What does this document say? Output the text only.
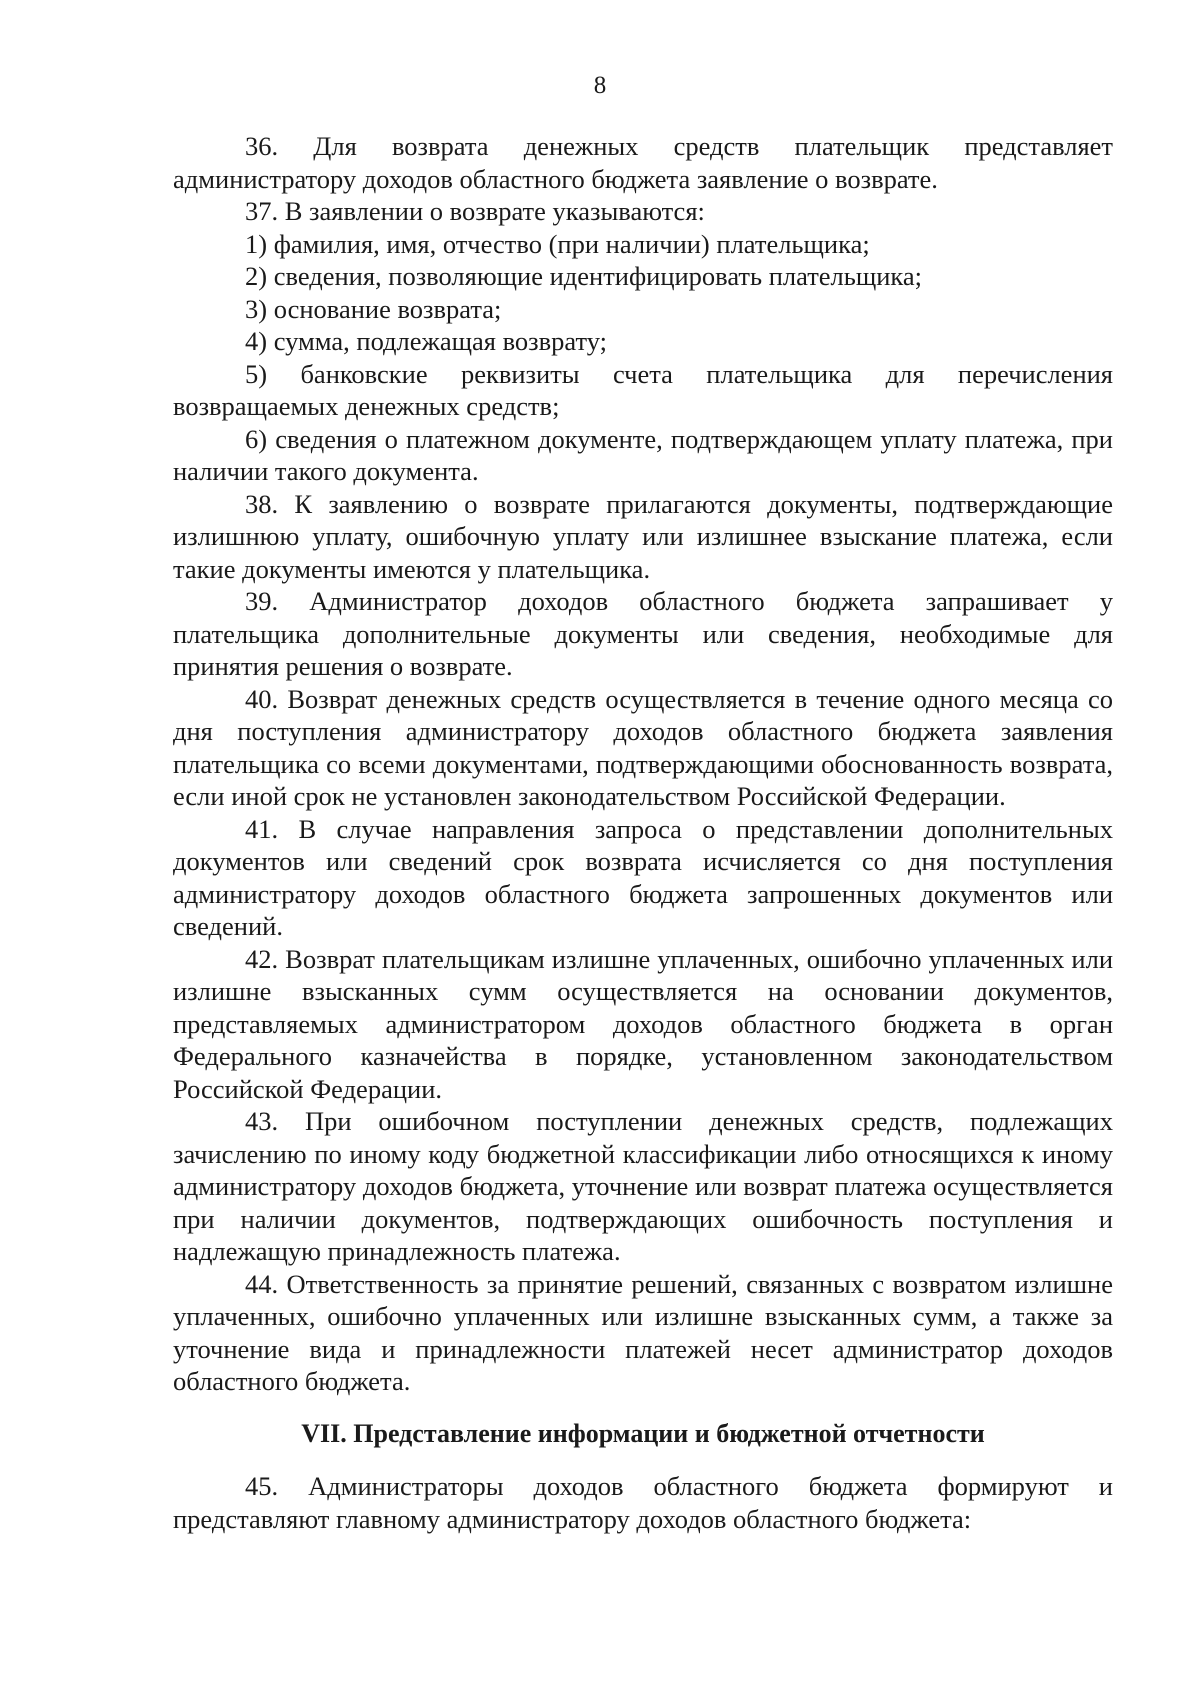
8

36. Для возврата денежных средств плательщик представляет администратору доходов областного бюджета заявление о возврате.

37. В заявлении о возврате указываются:

1) фамилия, имя, отчество (при наличии) плательщика;

2) сведения, позволяющие идентифицировать плательщика;

3) основание возврата;

4) сумма, подлежащая возврату;

5) банковские реквизиты счета плательщика для перечисления возвращаемых денежных средств;

6) сведения о платежном документе, подтверждающем уплату платежа, при наличии такого документа.

38. К заявлению о возврате прилагаются документы, подтверждающие излишнюю уплату, ошибочную уплату или излишнее взыскание платежа, если такие документы имеются у плательщика.

39. Администратор доходов областного бюджета запрашивает у плательщика дополнительные документы или сведения, необходимые для принятия решения о возврате.

40. Возврат денежных средств осуществляется в течение одного месяца со дня поступления администратору доходов областного бюджета заявления плательщика со всеми документами, подтверждающими обоснованность возврата, если иной срок не установлен законодательством Российской Федерации.

41. В случае направления запроса о представлении дополнительных документов или сведений срок возврата исчисляется со дня поступления администратору доходов областного бюджета запрошенных документов или сведений.

42. Возврат плательщикам излишне уплаченных, ошибочно уплаченных или излишне взысканных сумм осуществляется на основании документов, представляемых администратором доходов областного бюджета в орган Федерального казначейства в порядке, установленном законодательством Российской Федерации.

43. При ошибочном поступлении денежных средств, подлежащих зачислению по иному коду бюджетной классификации либо относящихся к иному администратору доходов бюджета, уточнение или возврат платежа осуществляется при наличии документов, подтверждающих ошибочность поступления и надлежащую принадлежность платежа.

44. Ответственность за принятие решений, связанных с возвратом излишне уплаченных, ошибочно уплаченных или излишне взысканных сумм, а также за уточнение вида и принадлежности платежей несет администратор доходов областного бюджета.

VII. Представление информации и бюджетной отчетности

45. Администраторы доходов областного бюджета формируют и представляют главному администратору доходов областного бюджета:
